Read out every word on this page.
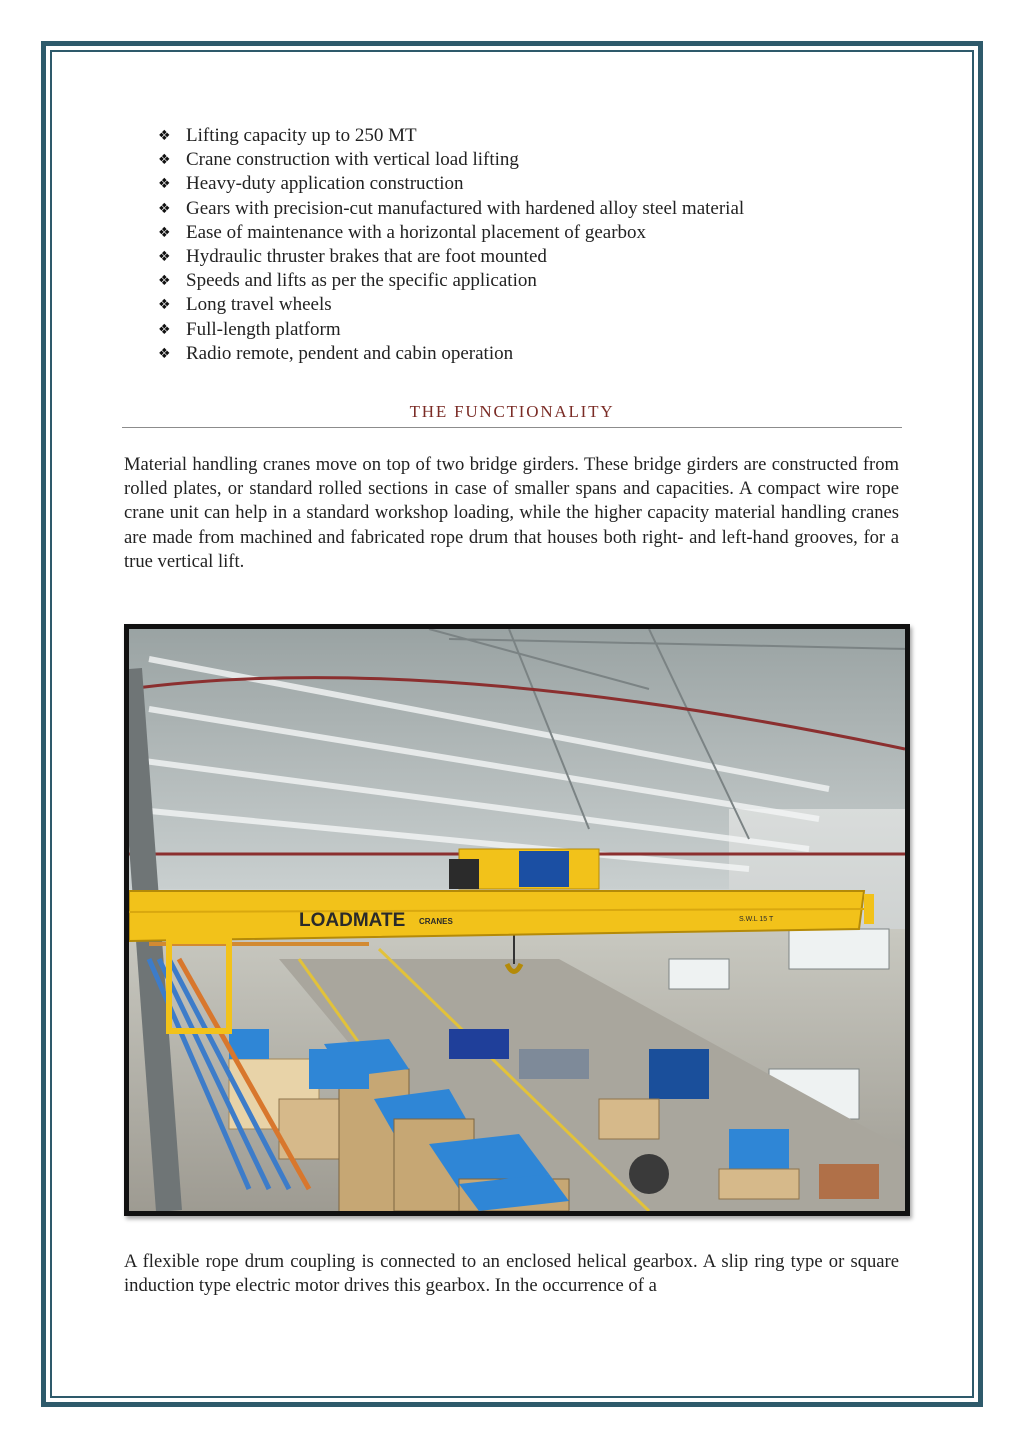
❖ Lifting capacity up to 250 MT
❖ Crane construction with vertical load lifting
❖ Heavy-duty application construction
❖ Gears with precision-cut manufactured with hardened alloy steel material
❖ Ease of maintenance with a horizontal placement of gearbox
❖ Hydraulic thruster brakes that are foot mounted
❖ Speeds and lifts as per the specific application
❖ Long travel wheels
❖ Full-length platform
❖ Radio remote, pendent and cabin operation
THE FUNCTIONALITY

Material handling cranes move on top of two bridge girders. These bridge girders are constructed from rolled plates, or standard rolled sections in case of smaller spans and capacities. A compact wire rope crane unit can help in a standard workshop loading, while the higher capacity material handling cranes are made from machined and fabricated rope drum that houses both right- and left-hand grooves, for a true vertical lift.

LOADMATE CRANES	S.W.L 15 T

A flexible rope drum coupling is connected to an enclosed helical gearbox. A slip ring type or square induction type electric motor drives this gearbox. In the occurrence of a
